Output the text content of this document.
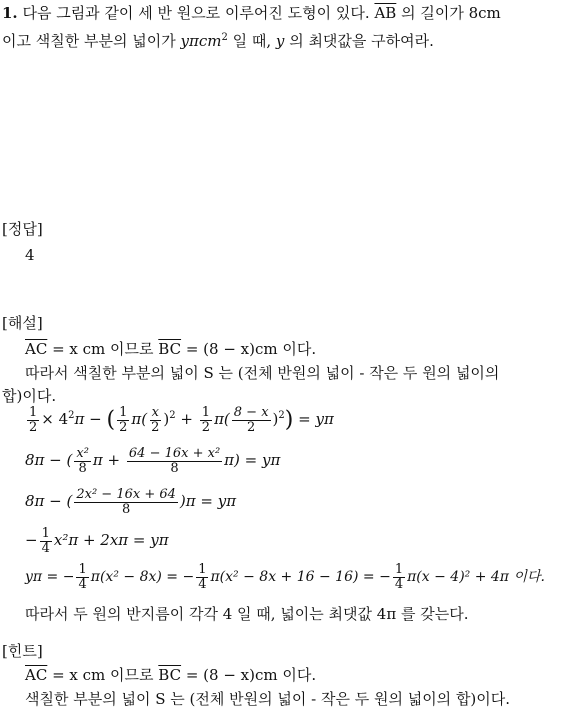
1. 다음 그림과 같이 세 반 원으로 이루어진 도형이 있다. $\overline{AB}$ 의 길이가 8cm
이고 색칠한 부분의 넓이가 yπcm$^2$ 일 때, y 의 최댓값을 구하여라.
[정답]
4
[해설]
$\overline{AC} = x$ cm 이므로 $\overline{BC} = (8 - x)cm$ 이다.
따라서 색칠한 부분의 넓이 S 는 (전체 반원의 넓이 - 작은 두 원의 넓이의
합)이다.
$\frac{1}{2} \times 4^2\pi$ − ( $\frac{1}{2} \pi( \frac{x}{2} )^2 + \frac{1}{2} \pi( \frac{8 - x}{2} )^2) = y\pi$
8π − ( $\frac{\text{x²}}{8}$ $\pi + \frac{\text{64 − 16x + x²}}{8} \pi) = y\pi$
8π − ( $\frac{\text{2x² − 16x + 64}}{8} )\pi = y\pi$
− $\frac{1}{4} x^2\pi + 2x\pi = y\pi$
yπ = − $\frac{1}{4} \pi(x^2 - 8x)$ = − $\frac{1}{4} \pi(x^2 - 8x + 16 - 16)$ = − $\frac{1}{4} \pi(x - 4)^2 + 4\pi$ 이다.
따라서 두 원의 반지름이 각각 4 일 때, 넓이는 최댓값 4π 를 갖는다.
[힌트]
$\overline{AC} = x$ cm 이므로 $\overline{BC} = (8 - x)cm$ 이다.
색칠한 부분의 넓이 S 는 (전체 반원의 넓이 - 작은 두 원의 넓이의 합)이다.
